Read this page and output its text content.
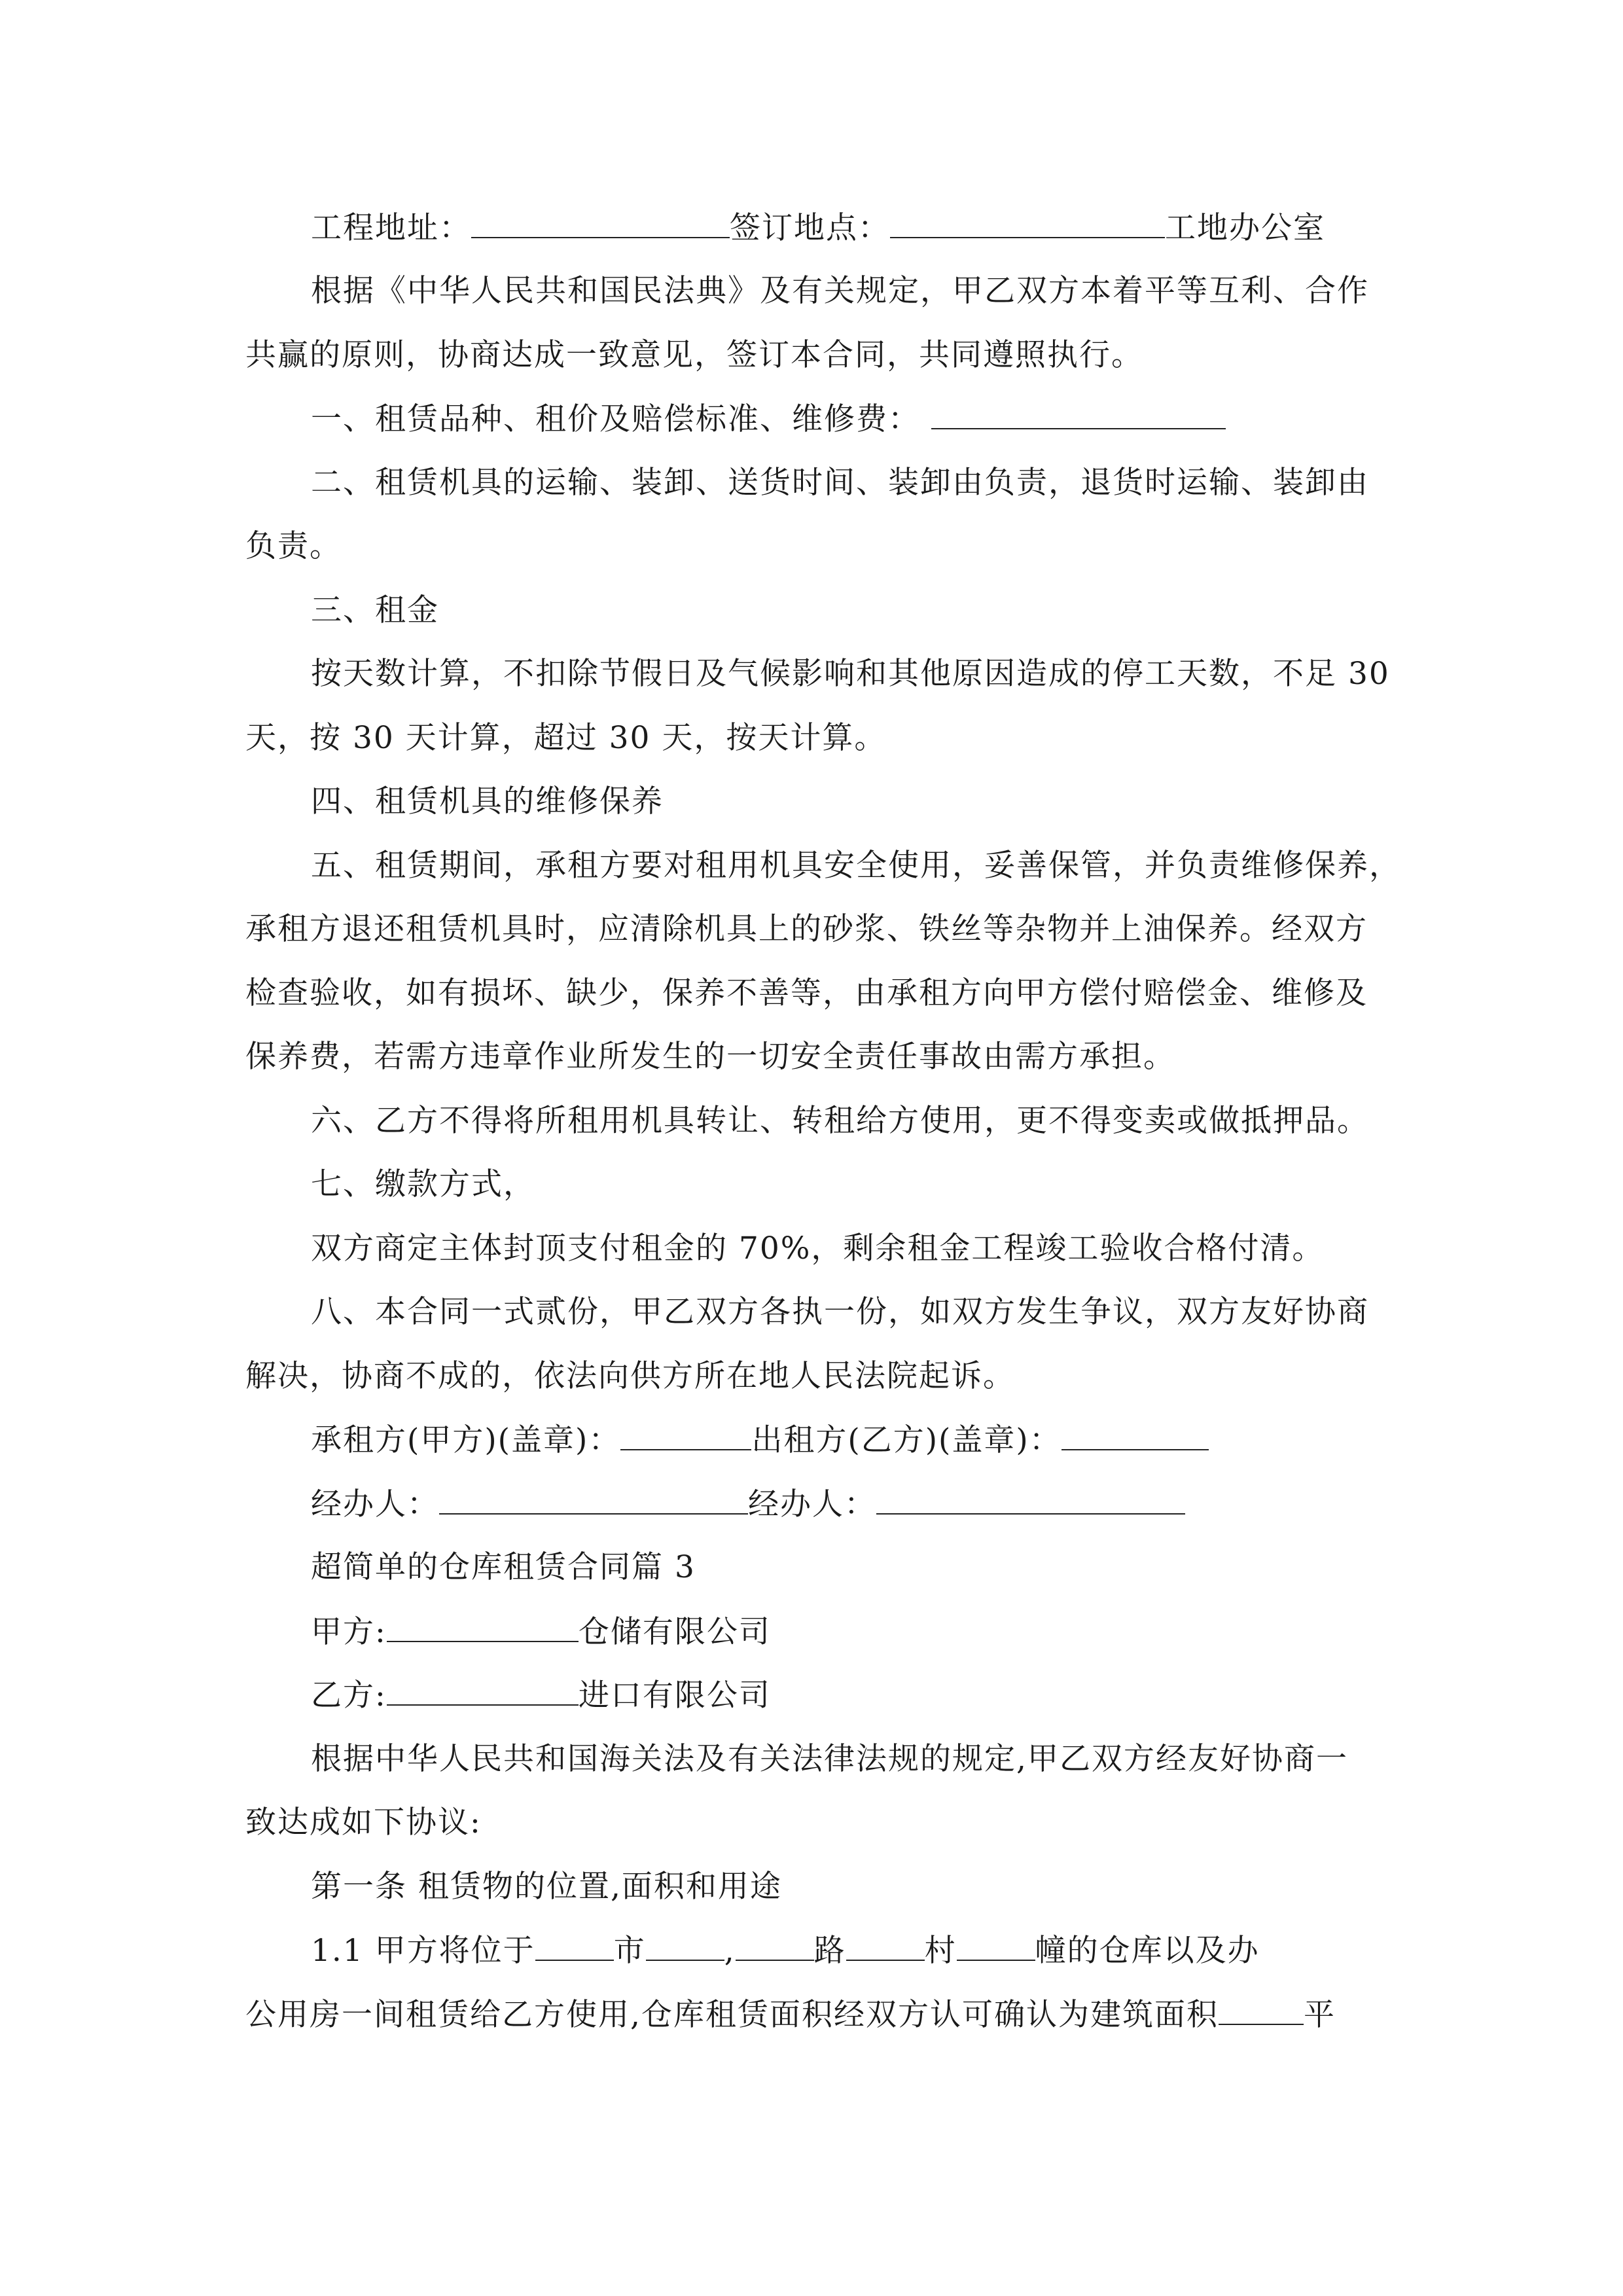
工程地址：	签订地点：	工地办公室
根据《中华人民共和国民法典》及有关规定，甲乙双方本着平等互利、合作
共赢的原则，协商达成一致意见，签订本合同，共同遵照执行。
一、租赁品种、租价及赔偿标准、维修费：
二、租赁机具的运输、装卸、送货时间、装卸由负责，退货时运输、装卸由
负责。
三、租金
按天数计算，不扣除节假日及气候影响和其他原因造成的停工天数，不足 30
天，按 30 天计算，超过 30 天，按天计算。
四、租赁机具的维修保养
五、租赁期间，承租方要对租用机具安全使用，妥善保管，并负责维修保养，
承租方退还租赁机具时，应清除机具上的砂浆、铁丝等杂物并上油保养。经双方
检查验收，如有损坏、缺少，保养不善等，由承租方向甲方偿付赔偿金、维修及
保养费，若需方违章作业所发生的一切安全责任事故由需方承担。
六、乙方不得将所租用机具转让、转租给方使用，更不得变卖或做抵押品。
七、缴款方式，
双方商定主体封顶支付租金的 70%，剩余租金工程竣工验收合格付清。
八、本合同一式贰份，甲乙双方各执一份，如双方发生争议，双方友好协商
解决，协商不成的，依法向供方所在地人民法院起诉。
承租方(甲方)(盖章)：	出租方(乙方)(盖章)：
经办人：	经办人：
超简单的仓库租赁合同篇 3
甲方:	仓储有限公司
乙方:	进口有限公司
根据中华人民共和国海关法及有关法律法规的规定,甲乙双方经友好协商一
致达成如下协议:
第一条 租赁物的位置,面积和用途
1.1 甲方将位于	市	,	路	村	幢的仓库以及办
公用房一间租赁给乙方使用,仓库租赁面积经双方认可确认为建筑面积	平
